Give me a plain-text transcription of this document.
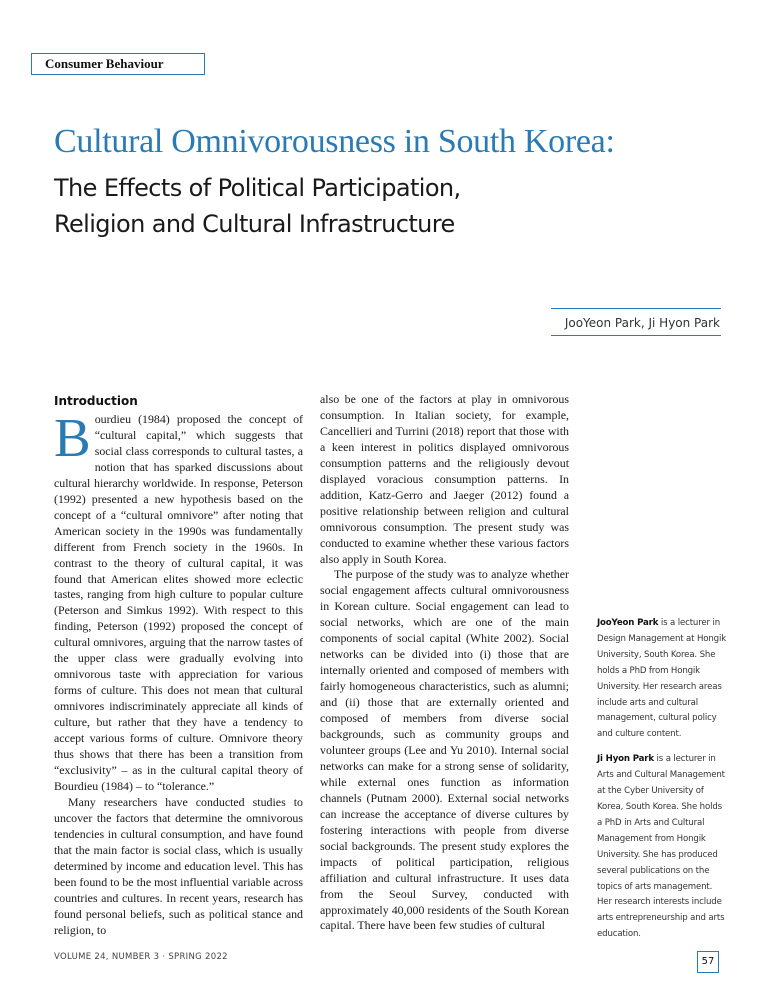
Consumer Behaviour
Cultural Omnivorousness in South Korea:
The Effects of Political Participation,
Religion and Cultural Infrastructure
JooYeon Park, Ji Hyon Park
Introduction

Bourdieu (1984) proposed the concept of “cultural capital,” which suggests that social class corresponds to cultural tastes, a notion that has sparked discussions about cultural hierarchy worldwide. In response, Peterson (1992) presented a new hypothesis based on the concept of a “cultural omnivore” after noting that American society in the 1990s was fundamentally different from French society in the 1960s. In contrast to the theory of cultural capital, it was found that American elites showed more eclectic tastes, ranging from high culture to popular culture (Peterson and Simkus 1992). With respect to this finding, Peterson (1992) proposed the concept of cultural omnivores, arguing that the narrow tastes of the upper class were gradually evolving into omnivorous taste with appreciation for various forms of culture. This does not mean that cultural omnivores indiscriminately appreciate all kinds of culture, but rather that they have a tendency to accept various forms of culture. Omnivore theory thus shows that there has been a transition from “exclusivity” – as in the cultural capital theory of Bourdieu (1984) – to “tolerance.”

Many researchers have conducted studies to uncover the factors that determine the omnivorous tendencies in cultural consumption, and have found that the main factor is social class, which is usually determined by income and education level. This has been found to be the most influential variable across countries and cultures. In recent years, research has found personal beliefs, such as political stance and religion, to

also be one of the factors at play in omnivorous consumption. In Italian society, for example, Cancellieri and Turrini (2018) report that those with a keen interest in politics displayed omnivorous consumption patterns and the religiously devout displayed voracious consumption patterns. In addition, Katz-Gerro and Jaeger (2012) found a positive relationship between religion and cultural omnivorous consumption. The present study was conducted to examine whether these various factors also apply in South Korea.

The purpose of the study was to analyze whether social engagement affects cultural omnivorousness in Korean culture. Social engagement can lead to social networks, which are one of the main components of social capital (White 2002). Social networks can be divided into (i) those that are internally oriented and composed of members with fairly homogeneous characteristics, such as alumni; and (ii) those that are externally oriented and composed of members from diverse social backgrounds, such as community groups and volunteer groups (Lee and Yu 2010). Internal social networks can make for a strong sense of solidarity, while external ones function as information channels (Putnam 2000). External social networks can increase the acceptance of diverse cultures by fostering interactions with people from diverse social backgrounds. The present study explores the impacts of political participation, religious affiliation and cultural infrastructure. It uses data from the Seoul Survey, conducted with approximately 40,000 residents of the South Korean capital. There have been few studies of cultural

JooYeon Park is a lecturer in Design Management at Hongik University, South Korea. She holds a PhD from Hongik University. Her research areas include arts and cultural management, cultural policy and culture content.

Ji Hyon Park is a lecturer in Arts and Cultural Management at the Cyber University of Korea, South Korea. She holds a PhD in Arts and Cultural Management from Hongik University. She has produced several publications on the topics of arts management. Her research interests include arts entrepreneurship and arts education.

VOLUME 24, NUMBER 3 · SPRING 2022	57
